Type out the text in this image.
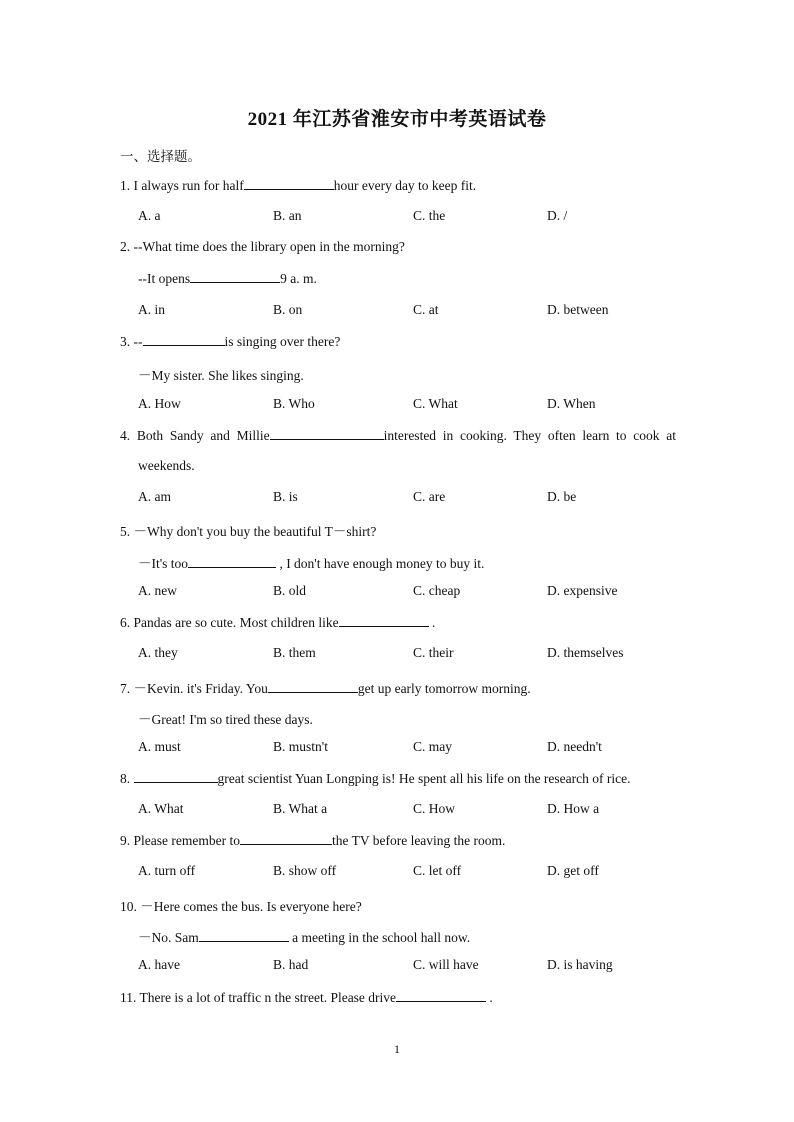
2021 年江苏省淮安市中考英语试卷
一、选择题。
1. I always run for half	hour every day to keep fit.
A. a	B. an	C. the	D. /
2. --What time does the library open in the morning?
--It opens	9 a. m.
A. in	B. on	C. at	D. between
3. --	is singing over there?
－My sister. She likes singing.
A. How	B. Who	C. What	D. When
4. Both Sandy and Millie	interested in cooking. They often learn to cook at
weekends.
A. am	B. is	C. are	D. be
5. －Why don't you buy the beautiful T－shirt?
－It's too	, I don't have enough money to buy it.
A. new	B. old	C. cheap	D. expensive
6. Pandas are so cute. Most children like	.
A. they	B. them	C. their	D. themselves
7. －Kevin. it's Friday. You	get up early tomorrow morning.
－Great! I'm so tired these days.
A. must	B. mustn't	C. may	D. needn't
8.	great scientist Yuan Longping is! He spent all his life on the research of rice.
A. What	B. What a	C. How	D. How a
9. Please remember to	the TV before leaving the room.
A. turn off	B. show off	C. let off	D. get off
10. －Here comes the bus. Is everyone here?
－No. Sam	a meeting in the school hall now.
A. have	B. had	C. will have	D. is having
11. There is a lot of traffic n the street. Please drive	.
1
